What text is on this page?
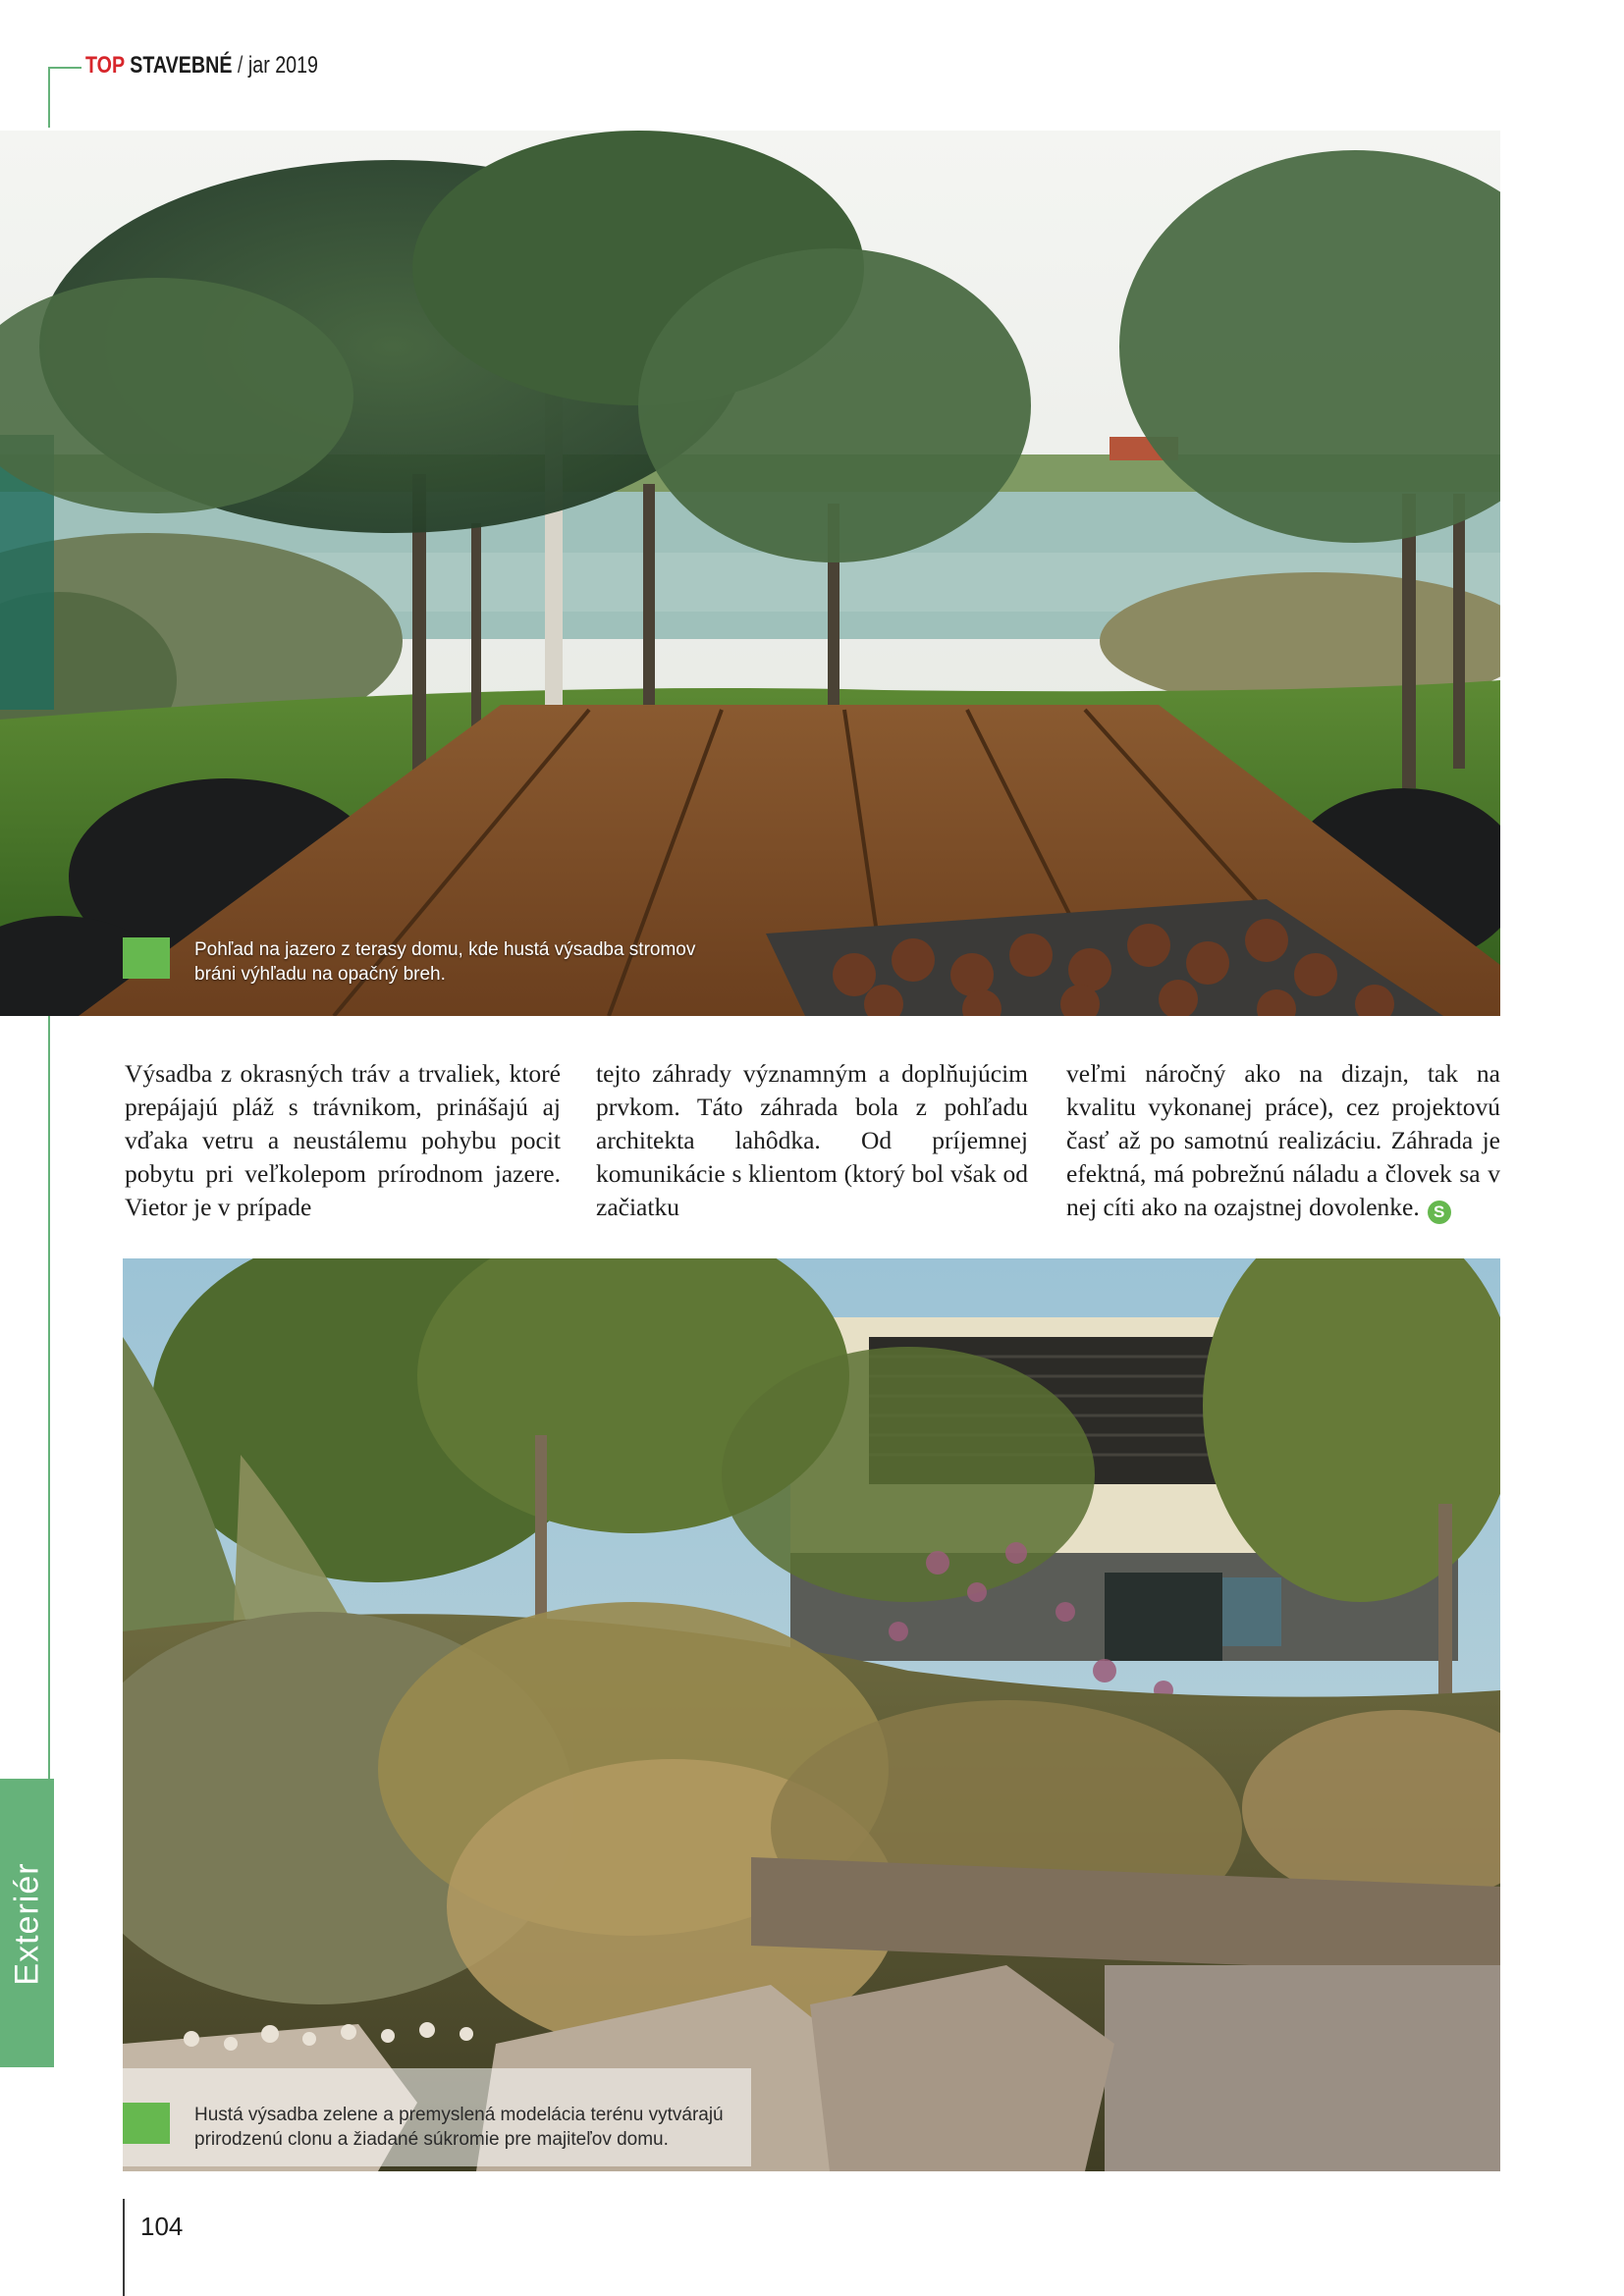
TOP STAVEBNÉ / jar 2019
Pohľad na jazero z terasy domu, kde hustá výsadba stromov bráni výhľadu na opačný breh.
Výsadba z okrasných tráv a trvaliek, ktoré prepájajú pláž s trávnikom, prinášajú aj vďaka vetru a neustálemu pohybu pocit pobytu pri veľkolepom prírodnom jazere. Vietor je v prípade
tejto záhrady významným a doplňujúcim prvkom. Táto záhrada bola z pohľadu architekta lahôdka. Od príjemnej komunikácie s klientom (ktorý bol však od začiatku
veľmi náročný ako na dizajn, tak na kvalitu vykonanej práce), cez projektovú časť až po samotnú realizáciu. Záhrada je efektná, má pobrežnú náladu a človek sa v nej cíti ako na ozajstnej dovolenke. S
Hustá výsadba zelene a premyslená modelácia terénu vytvárajú prirodzenú clonu a žiadané súkromie pre majiteľov domu.
Exteriér
104
